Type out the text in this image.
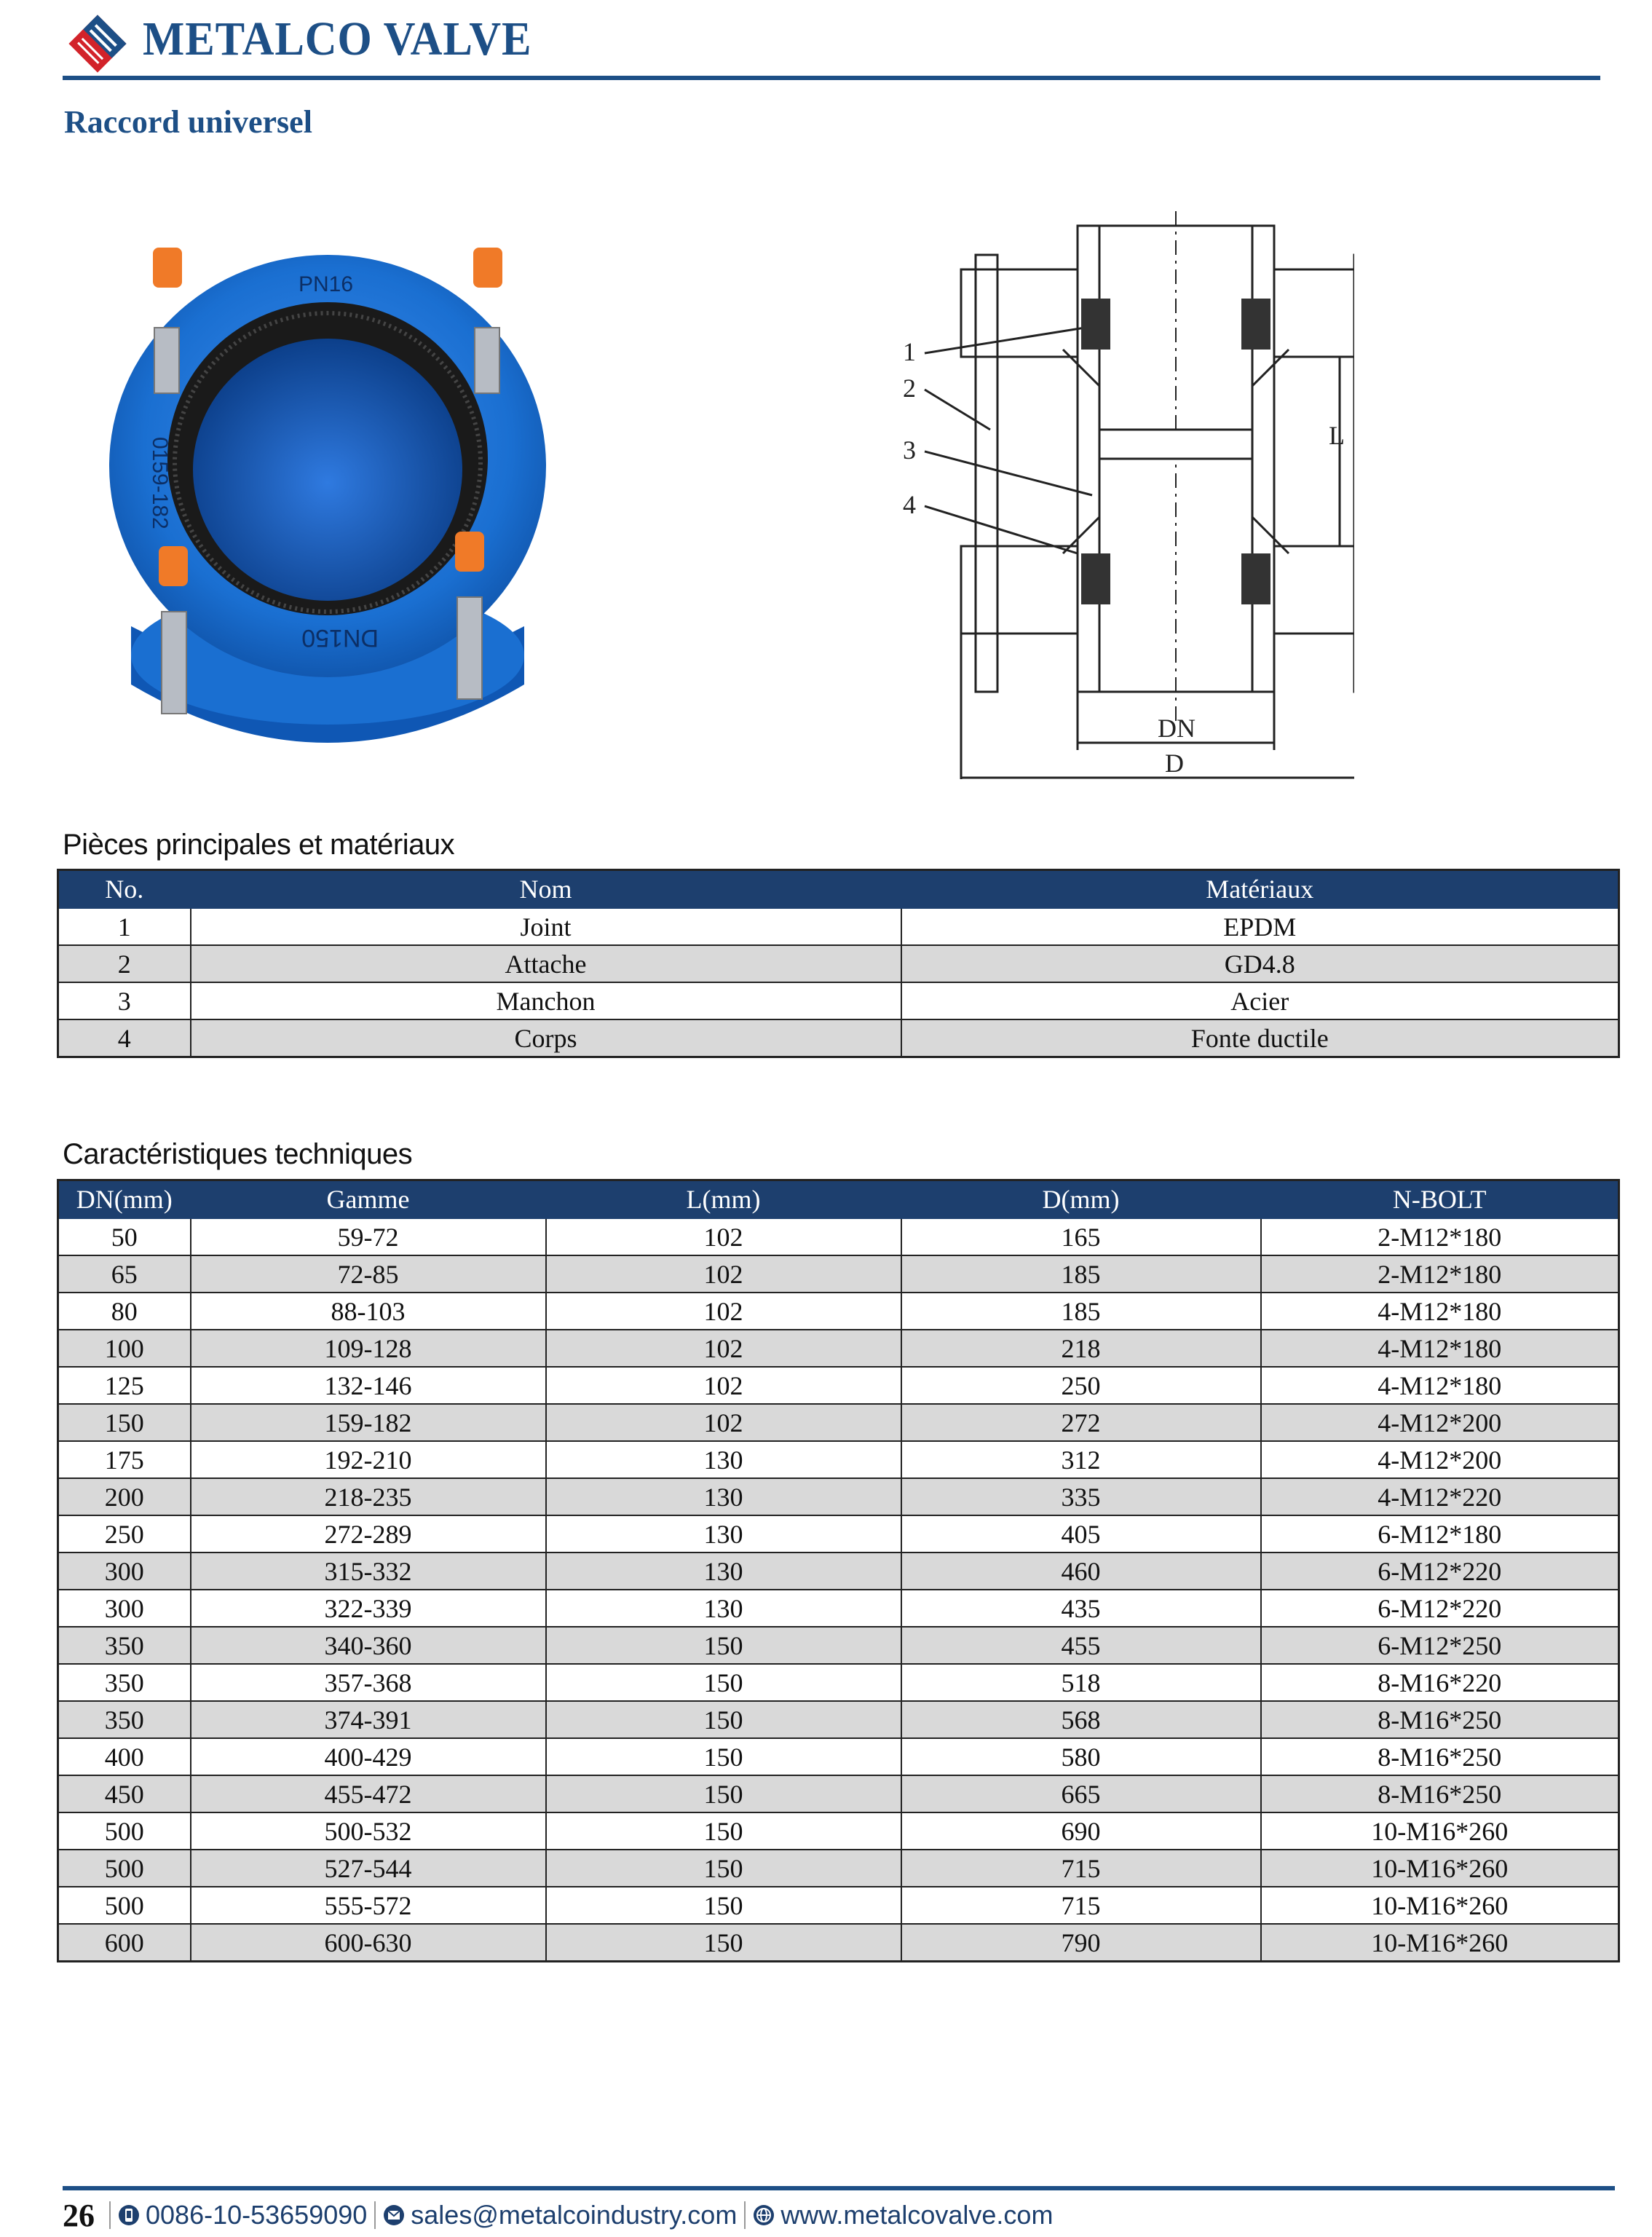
METALCO VALVE
Raccord universel
PN16
DN150
0159-182
1
2
3
4
L
DN
D
Pièces principales et matériaux
No.	Nom	Matériaux
1	Joint	EPDM
2	Attache	GD4.8
3	Manchon	Acier
4	Corps	Fonte ductile
Caractéristiques techniques
DN(mm)	Gamme	L(mm)	D(mm)	N-BOLT
50	59-72	102	165	2-M12*180
65	72-85	102	185	2-M12*180
80	88-103	102	185	4-M12*180
100	109-128	102	218	4-M12*180
125	132-146	102	250	4-M12*180
150	159-182	102	272	4-M12*200
175	192-210	130	312	4-M12*200
200	218-235	130	335	4-M12*220
250	272-289	130	405	6-M12*180
300	315-332	130	460	6-M12*220
300	322-339	130	435	6-M12*220
350	340-360	150	455	6-M12*250
350	357-368	150	518	8-M16*220
350	374-391	150	568	8-M16*250
400	400-429	150	580	8-M16*250
450	455-472	150	665	8-M16*250
500	500-532	150	690	10-M16*260
500	527-544	150	715	10-M16*260
500	555-572	150	715	10-M16*260
600	600-630	150	790	10-M16*260
26 0086-10-53659090 sales@metalcoindustry.com www.metalcovalve.com
